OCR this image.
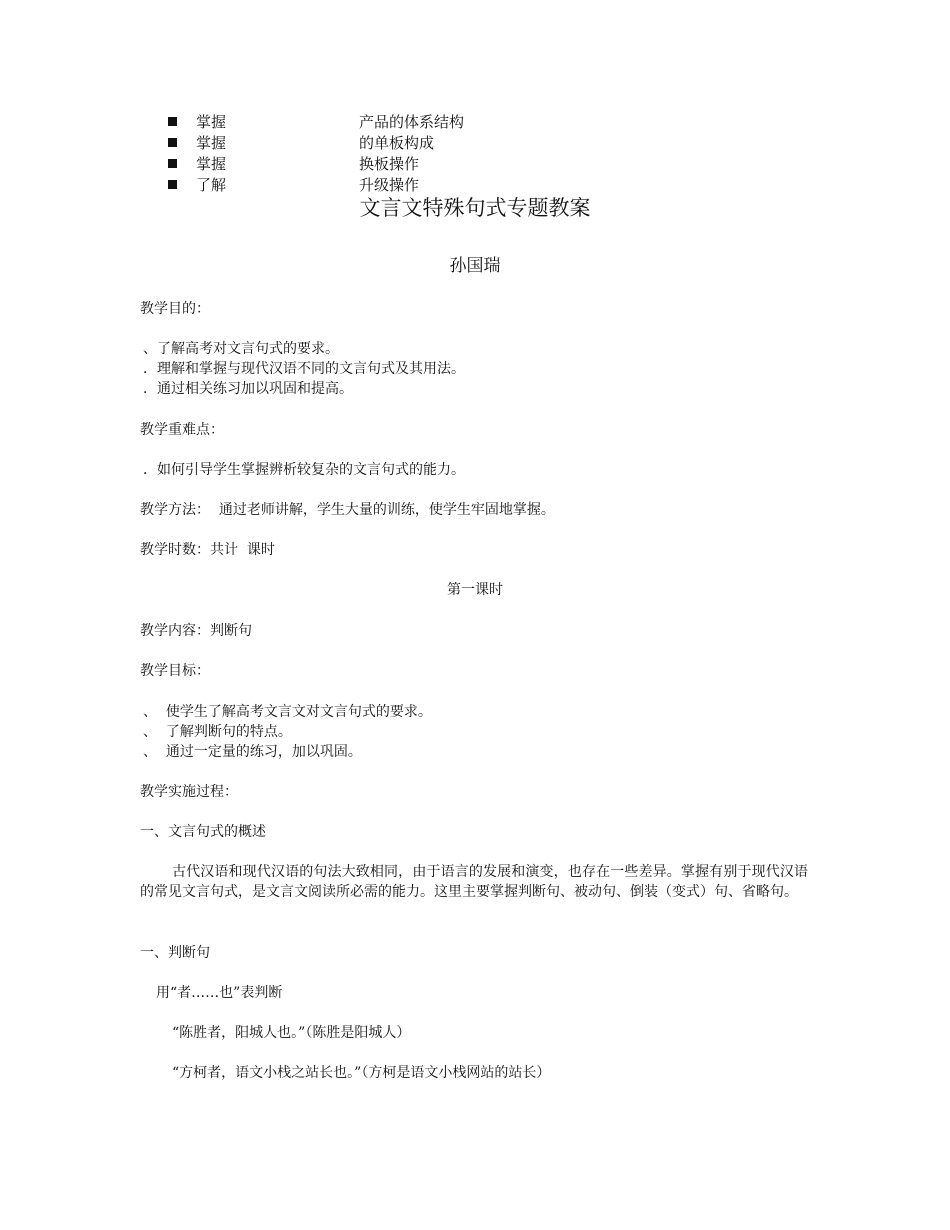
掌握	产品的体系结构
掌握	的单板构成
掌握	换板操作
了解	升级操作
文言文特殊句式专题教案
孙国瑞
教学目的：
、了解高考对文言句式的要求。
．理解和掌握与现代汉语不同的文言句式及其用法。
．通过相关练习加以巩固和提高。
教学重难点：
．如何引导学生掌握辨析较复杂的文言句式的能力。
教学方法：  通过老师讲解，学生大量的训练，使学生牢固地掌握。
教学时数：共计  课时
第一课时
教学内容：判断句
教学目标：
、  使学生了解高考文言文对文言句式的要求。
、  了解判断句的特点。
、  通过一定量的练习，加以巩固。
教学实施过程：
一、文言句式的概述
古代汉语和现代汉语的句法大致相同，由于语言的发展和演变，也存在一些差异。掌握有别于现代汉语的常见文言句式，是文言文阅读所必需的能力。这里主要掌握判断句、被动句、倒装（变式）句、省略句。
一、判断句
用“者……也”表判断
“陈胜者，阳城人也。”（陈胜是阳城人）
“方柯者，语文小栈之站长也。”（方柯是语文小栈网站的站长）
